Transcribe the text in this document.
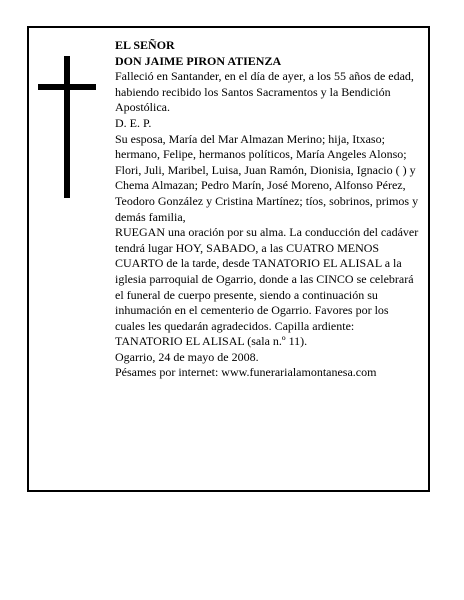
EL SEÑOR

DON JAIME PIRON ATIENZA

Falleció en Santander, en el día de ayer, a los 55 años de edad, habiendo recibido los Santos Sacramentos y la Bendición Apostólica.

D. E. P.

Su esposa, María del Mar Almazan Merino; hija, Itxaso; hermano, Felipe, hermanos políticos, María Angeles Alonso; Flori, Juli, Maribel, Luisa, Juan Ramón, Dionisia, Ignacio ( ) y Chema Almazan; Pedro Marín, José Moreno, Alfonso Pérez, Teodoro González y Cristina Martínez; tíos, sobrinos, primos y demás familia,

RUEGAN una oración por su alma. La conducción del cadáver tendrá lugar HOY, SABADO, a las CUATRO MENOS CUARTO de la tarde, desde TANATORIO EL ALISAL a la iglesia parroquial de Ogarrio, donde a las CINCO se celebrará el funeral de cuerpo presente, siendo a continuación su inhumación en el cementerio de Ogarrio. Favores por los cuales les quedarán agradecidos. Capilla ardiente: TANATORIO EL ALISAL (sala n.º 11).

Ogarrio, 24 de mayo de 2008.

Pésames por internet: www.funerarialamontanesa.com
